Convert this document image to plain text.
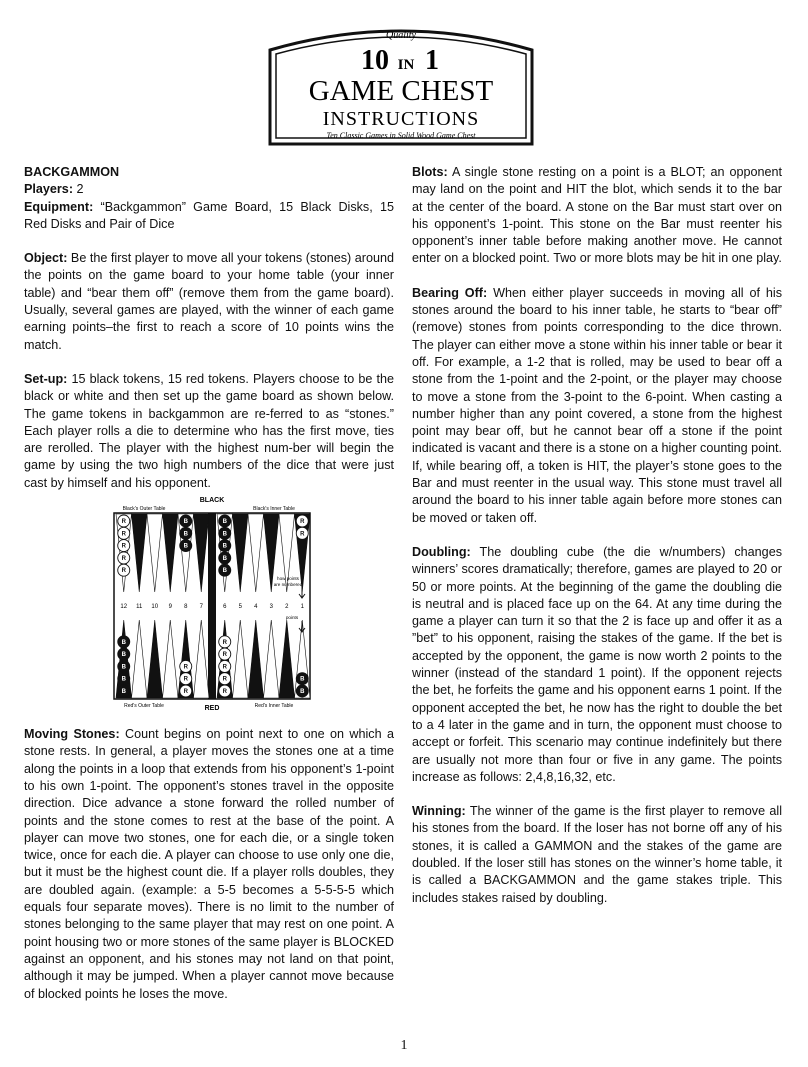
Quality
10 IN 1
GAME CHEST
INSTRUCTIONS
Ten Classic Games in Solid Wood Game Chest
BACKGAMMON
Players: 2

Equipment: “Backgammon” Game Board, 15 Black Disks, 15 Red Disks and Pair of Dice

Object: Be the first player to move all your tokens (stones) around the points on the game board to your home table (your inner table) and “bear them off” (remove them from the game board). Usually, several games are played, with the winner of each game earning points–the first to reach a score of 10 points wins the match.

Set-up: 15 black tokens, 15 red tokens. Players choose to be the black or white and then set up the game board as shown below. The game tokens in backgammon are re-ferred to as “stones.” Each player rolls a die to determine who has the first move, ties are rerolled. The player with the highest num-ber will begin the game by using the two high numbers of the dice that were just cast by himself and his opponent.

BLACK
Black's Outer Table	Black's Inner Table
R
R
R
R
R
B
B
B
B
B
B
B
B
R
R
B
B
B
B
B
R
R
R
R
R
R
R
R
B
B
12 11 10 9 8 7	6 5 4 3 2 1
how points
are numbered
points
Red's Outer Table	RED	Red's Inner Table

Moving Stones: Count begins on point next to one on which a stone rests. In general, a player moves the stones one at a time along the points in a loop that extends from his opponent’s 1-point to his own 1-point. The opponent’s stones travel in the opposite direction. Dice advance a stone forward the rolled number of points and the stone comes to rest at the base of the point. A player can move two stones, one for each die, or a single token twice, once for each die. A player can choose to use only one die, but it must be the highest count die. If a player rolls doubles, they are doubled again. (example: a 5-5 becomes a 5-5-5-5 which equals four separate moves). There is no limit to the number of stones belonging to the same player that may rest on one point. A point housing two or more stones of the same player is BLOCKED against an opponent, and his stones may not land on that point, although it may be jumped. When a player cannot move because of blocked points he loses the move.

Blots: A single stone resting on a point is a BLOT; an opponent may land on the point and HIT the blot, which sends it to the bar at the center of the board. A stone on the Bar must start over on his opponent’s 1-point. This stone on the Bar must reenter his opponent’s inner table before making another move. He cannot enter on a blocked point. Two or more blots may be hit in one play.

Bearing Off: When either player succeeds in moving all of his stones around the board to his inner table, he starts to “bear off” (remove) stones from points corresponding to the dice thrown. The player can either move a stone within his inner table or bear it off. For example, a 1-2 that is rolled, may be used to bear off a stone from the 1-point and the 2-point, or the player may choose to move a stone from the 3-point to the 6-point. When casting a number higher than any point covered, a stone from the highest point may bear off, but he cannot bear off a stone if the point indicated is vacant and there is a stone on a higher counting point. If, while bearing off, a token is HIT, the player’s stone goes to the Bar and must reenter in the usual way. This stone must travel all around the board to his inner table again before more stones can be moved or taken off.

Doubling: The doubling cube (the die w/numbers) changes winners’ scores dramatically; therefore, games are played to 20 or 50 or more points. At the beginning of the game the doubling die is neutral and is placed face up on the 64. At any time during the game a player can turn it so that the 2 is face up and offer it as a ”bet” to his opponent, raising the stakes of the game. If the bet is accepted by the opponent, the game is now worth 2 points to the winner (instead of the standard 1 point). If the opponent rejects the bet, he forfeits the game and his opponent earns 1 point. If the opponent accepted the bet, he now has the right to double the bet to a 4 later in the game and in turn, the opponent must choose to accept or forfeit. This scenario may continue indefinitely but there are usually not more than four or five in any game. The points increase as follows: 2,4,8,16,32, etc.

Winning: The winner of the game is the first player to remove all his stones from the board. If the loser has not borne off any of his stones, it is called a GAMMON and the stakes of the game are doubled. If the loser still has stones on the winner’s home table, it is called a BACKGAMMON and the game stakes triple. This includes stakes raised by doubling.

1
